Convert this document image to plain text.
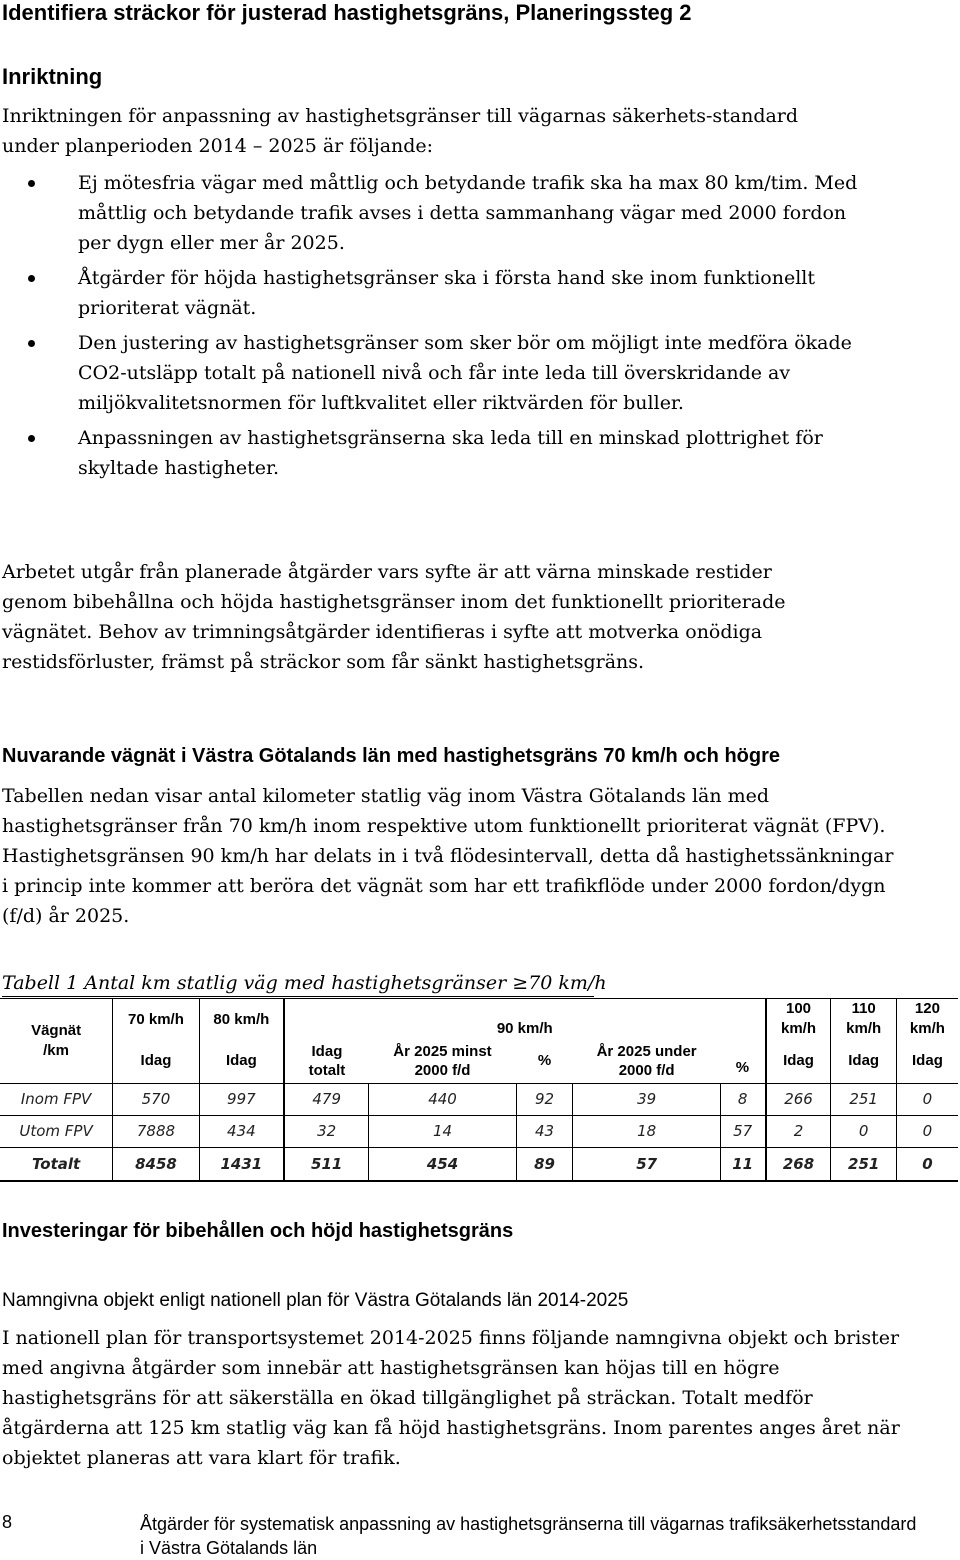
Identifiera sträckor för justerad hastighetsgräns, Planeringssteg 2
Inriktning

Inriktningen för anpassning av hastighetsgränser till vägarnas säkerhets-standard under planperioden 2014 – 2025 är följande:

Ej mötesfria vägar med måttlig och betydande trafik ska ha max 80 km/tim. Med måttlig och betydande trafik avses i detta sammanhang vägar med 2000 fordon per dygn eller mer år 2025.
Åtgärder för höjda hastighetsgränser ska i första hand ske inom funktionellt prioriterat vägnät.
Den justering av hastighetsgränser som sker bör om möjligt inte medföra ökade CO2-utsläpp totalt på nationell nivå och får inte leda till överskridande av miljökvalitetsnormen för luftkvalitet eller riktvärden för buller.
Anpassningen av hastighetsgränserna ska leda till en minskad plottrighet för skyltade hastigheter.

Arbetet utgår från planerade åtgärder vars syfte är att värna minskade restider genom bibehållna och höjda hastighetsgränser inom det funktionellt prioriterade vägnätet. Behov av trimningsåtgärder identifieras i syfte att motverka onödiga restidsförluster, främst på sträckor som får sänkt hastighetsgräns.

Nuvarande vägnät i Västra Götalands län med hastighetsgräns 70 km/h och högre

Tabellen nedan visar antal kilometer statlig väg inom Västra Götalands län med hastighetsgränser från 70 km/h inom respektive utom funktionellt prioriterat vägnät (FPV). Hastighetsgränsen 90 km/h har delats in i två flödesintervall, detta då hastighetssänkningar i princip inte kommer att beröra det vägnät som har ett trafikflöde under 2000 fordon/dygn (f/d) år 2025.

Tabell 1 Antal km statlig väg med hastighetsgränser ≥70 km/h
Vägnät /km	70 km/h	80 km/h	90 km/h					100 km/h	110 km/h	120 km/h
	Idag	Idag	Idag totalt	År 2025 minst 2000 f/d	%	År 2025 under 2000 f/d	%	Idag	Idag	Idag
Inom FPV	570	997	479	440	92	39	8	266	251	0
Utom FPV	7888	434	32	14	43	18	57	2	0	0
Totalt	8458	1431	511	454	89	57	11	268	251	0
Investeringar för bibehållen och höjd hastighetsgräns
Namngivna objekt enligt nationell plan för Västra Götalands län 2014-2025

I nationell plan för transportsystemet 2014-2025 finns följande namngivna objekt och brister med angivna åtgärder som innebär att hastighetsgränsen kan höjas till en högre hastighetsgräns för att säkerställa en ökad tillgänglighet på sträckan. Totalt medför åtgärderna att 125 km statlig väg kan få höjd hastighetsgräns. Inom parentes anges året när objektet planeras att vara klart för trafik.

8	Åtgärder för systematisk anpassning av hastighetsgränserna till vägarnas trafiksäkerhetsstandard i Västra Götalands län
